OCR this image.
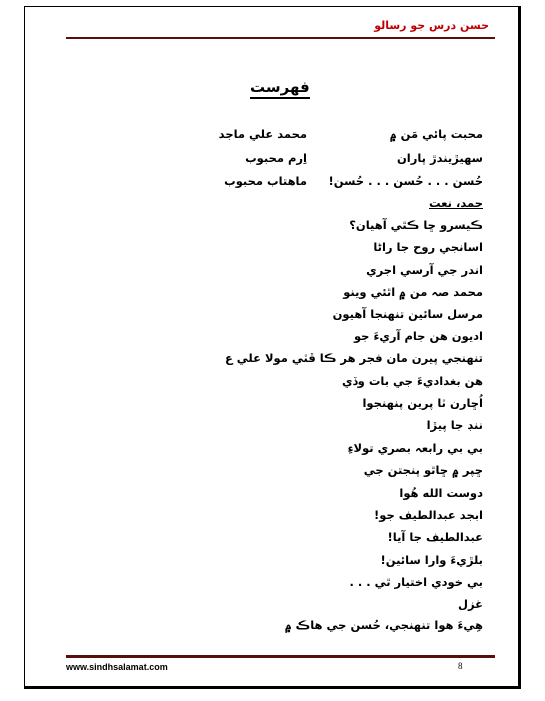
حسن درس جو رسالو
فهرست
محبت پائي مَن ۾
محمد علي ماجد
سهيڙيندڙ پاران
اِرم محبوب
حُسن . . . حُسن . . . حُسن!
ماهتاب محبوب
حمد، نعت
ڪيسرو ڇا ڪٿي آهيان؟
اسانجي روح جا راڻا
اندر جي آرسي اجري
محمد صہ من ۾ اٿئي وينو
مرسل سائين تنهنجا آهيون
اديون هن جام آريءَ جو
تنهنجي پيرن مان فجر هر ڪا ڦٽي مولا علي ع
هن بغداديءَ جي بات وڏي
اُڇارن ٽا پرين پنهنجوا
ننڊ جا پيڙا
بي بي رابعہ بصري تولاءِ
ڇپر ۾ ڇاٿو پنجتن جي
دوست الله هُوا
ابجد عبدالطيف جو!
عبدالطيف جا آيا!
بلڙيءَ وارا سائين!
بي خودي اختيار ٿي . . .
غزل
هِيءَ هوا تنهنجي، حُسن جي هاڪ ۾
www.sindhsalamat.com	8
